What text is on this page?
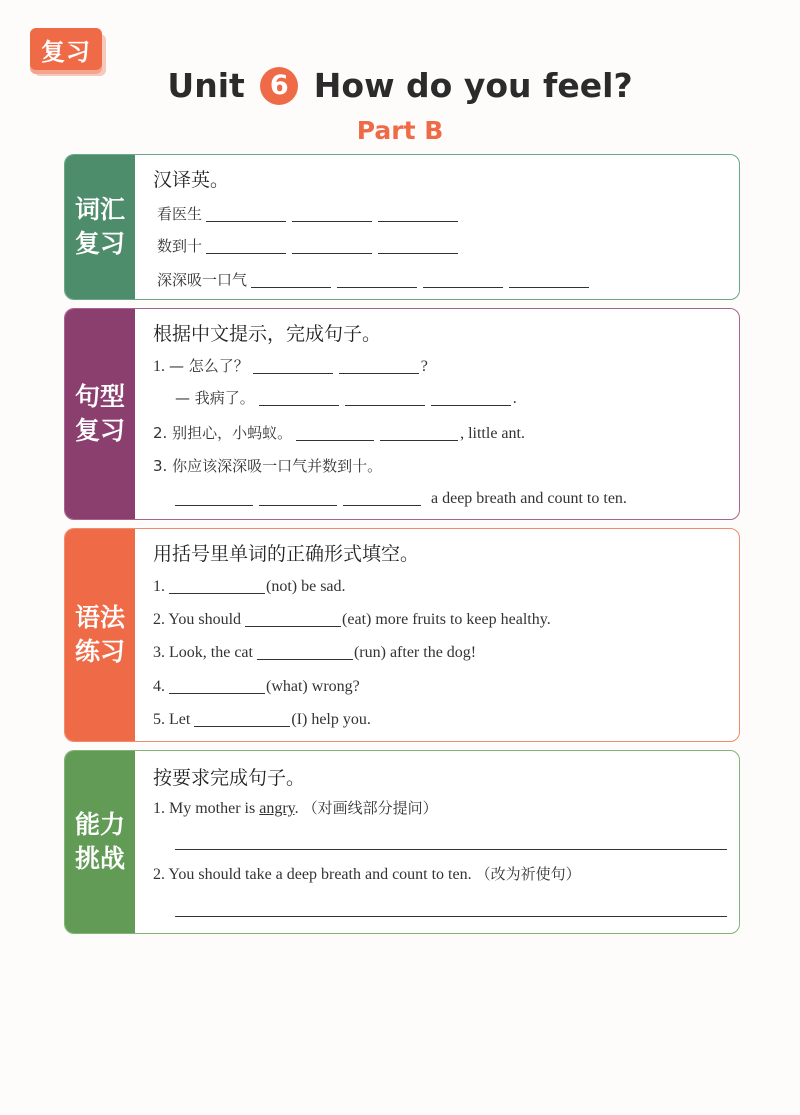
复习
Unit 6 How do you feel?
Part B
词汇复习
汉译英。
看医生
数到十
深深吸一口气
句型复习
根据中文提示，完成句子。
1. — 怎么了？	?
— 我病了。	.
2. 别担心，小蚂蚁。	, little ant.
3. 你应该深深吸一口气并数到十。
a deep breath and count to ten.
语法练习
用括号里单词的正确形式填空。
1.	(not) be sad.
2. You should	(eat) more fruits to keep healthy.
3. Look, the cat	(run) after the dog!
4.	(what) wrong?
5. Let	(I) help you.
能力挑战
按要求完成句子。
1. My mother is angry. （对画线部分提问）
2. You should take a deep breath and count to ten. （改为祈使句）
